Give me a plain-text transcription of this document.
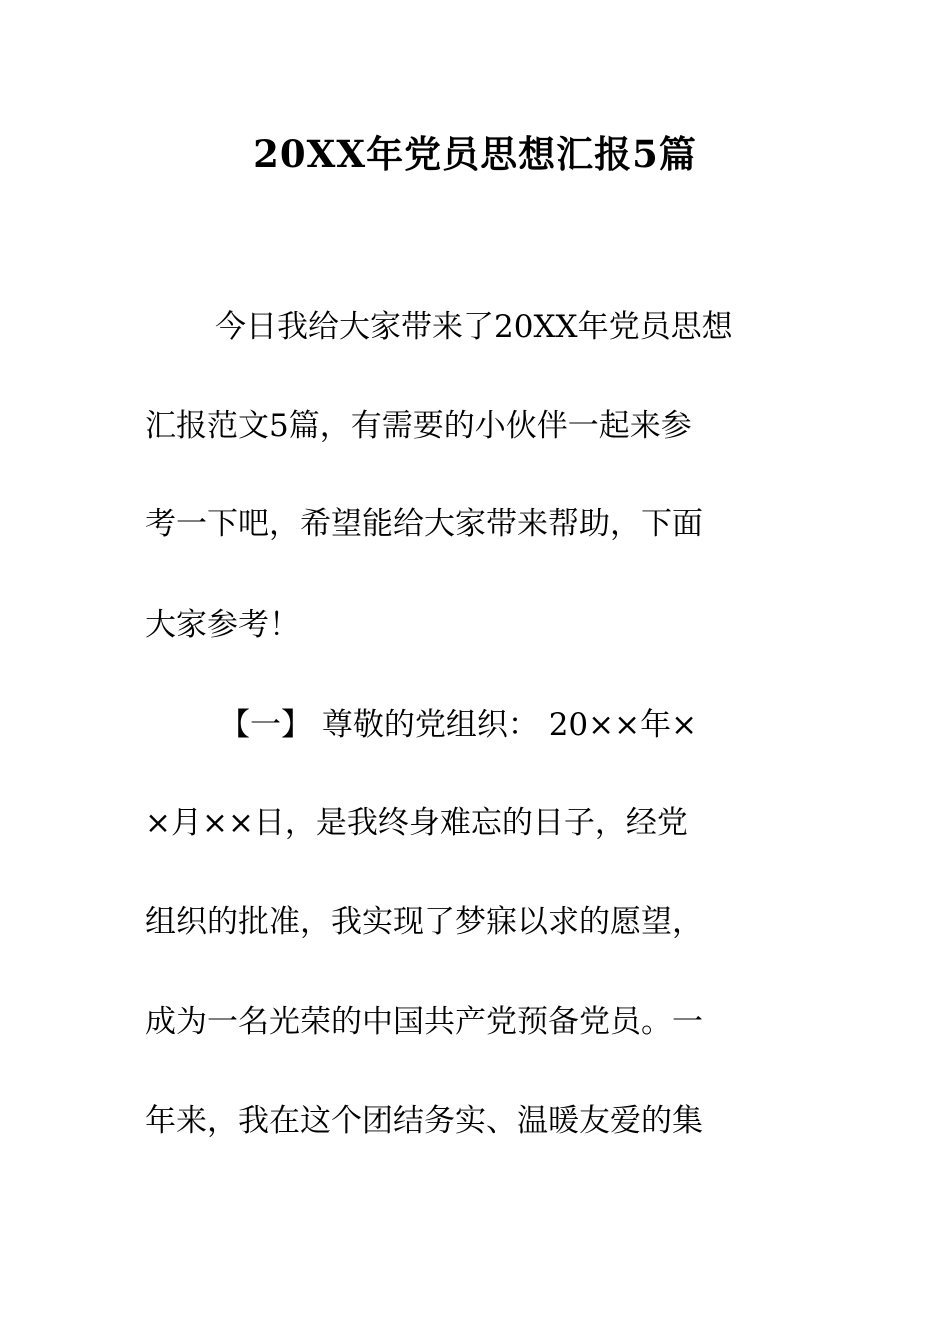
20XX年党员思想汇报5篇
今日我给大家带来了20XX年党员思想
汇报范文5篇，有需要的小伙伴一起来参
考一下吧，希望能给大家带来帮助，下面
大家参考！
【一】 尊敬的党组织： 20××年×
×月××日，是我终身难忘的日子，经党
组织的批准，我实现了梦寐以求的愿望，
成为一名光荣的中国共产党预备党员。一
年来，我在这个团结务实、温暖友爱的集
